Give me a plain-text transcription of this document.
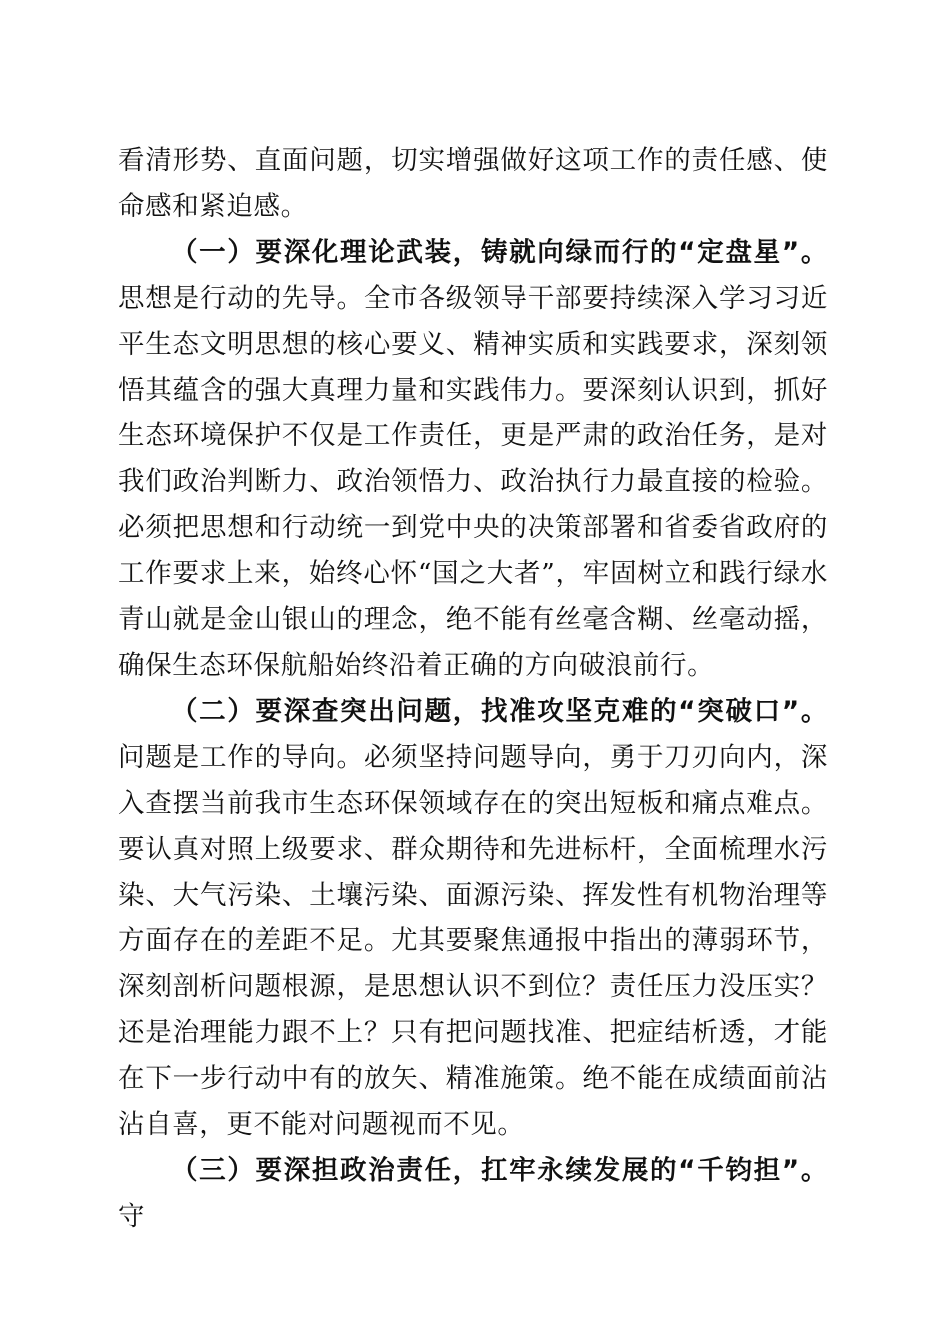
看清形势、直面问题，切实增强做好这项工作的责任感、使命感和紧迫感。

（一）要深化理论武装，铸就向绿而行的“定盘星”。思想是行动的先导。全市各级领导干部要持续深入学习习近平生态文明思想的核心要义、精神实质和实践要求，深刻领悟其蕴含的强大真理力量和实践伟力。要深刻认识到，抓好生态环境保护不仅是工作责任，更是严肃的政治任务，是对我们政治判断力、政治领悟力、政治执行力最直接的检验。必须把思想和行动统一到党中央的决策部署和省委省政府的工作要求上来，始终心怀“国之大者”，牢固树立和践行绿水青山就是金山银山的理念，绝不能有丝毫含糊、丝毫动摇，确保生态环保航船始终沿着正确的方向破浪前行。

（二）要深查突出问题，找准攻坚克难的“突破口”。问题是工作的导向。必须坚持问题导向，勇于刀刃向内，深入查摆当前我市生态环保领域存在的突出短板和痛点难点。要认真对照上级要求、群众期待和先进标杆，全面梳理水污染、大气污染、土壤污染、面源污染、挥发性有机物治理等方面存在的差距不足。尤其要聚焦通报中指出的薄弱环节，深刻剖析问题根源，是思想认识不到位？责任压力没压实？还是治理能力跟不上？只有把问题找准、把症结析透，才能在下一步行动中有的放矢、精准施策。绝不能在成绩面前沾沾自喜，更不能对问题视而不见。

（三）要深担政治责任，扛牢永续发展的“千钧担”。守
